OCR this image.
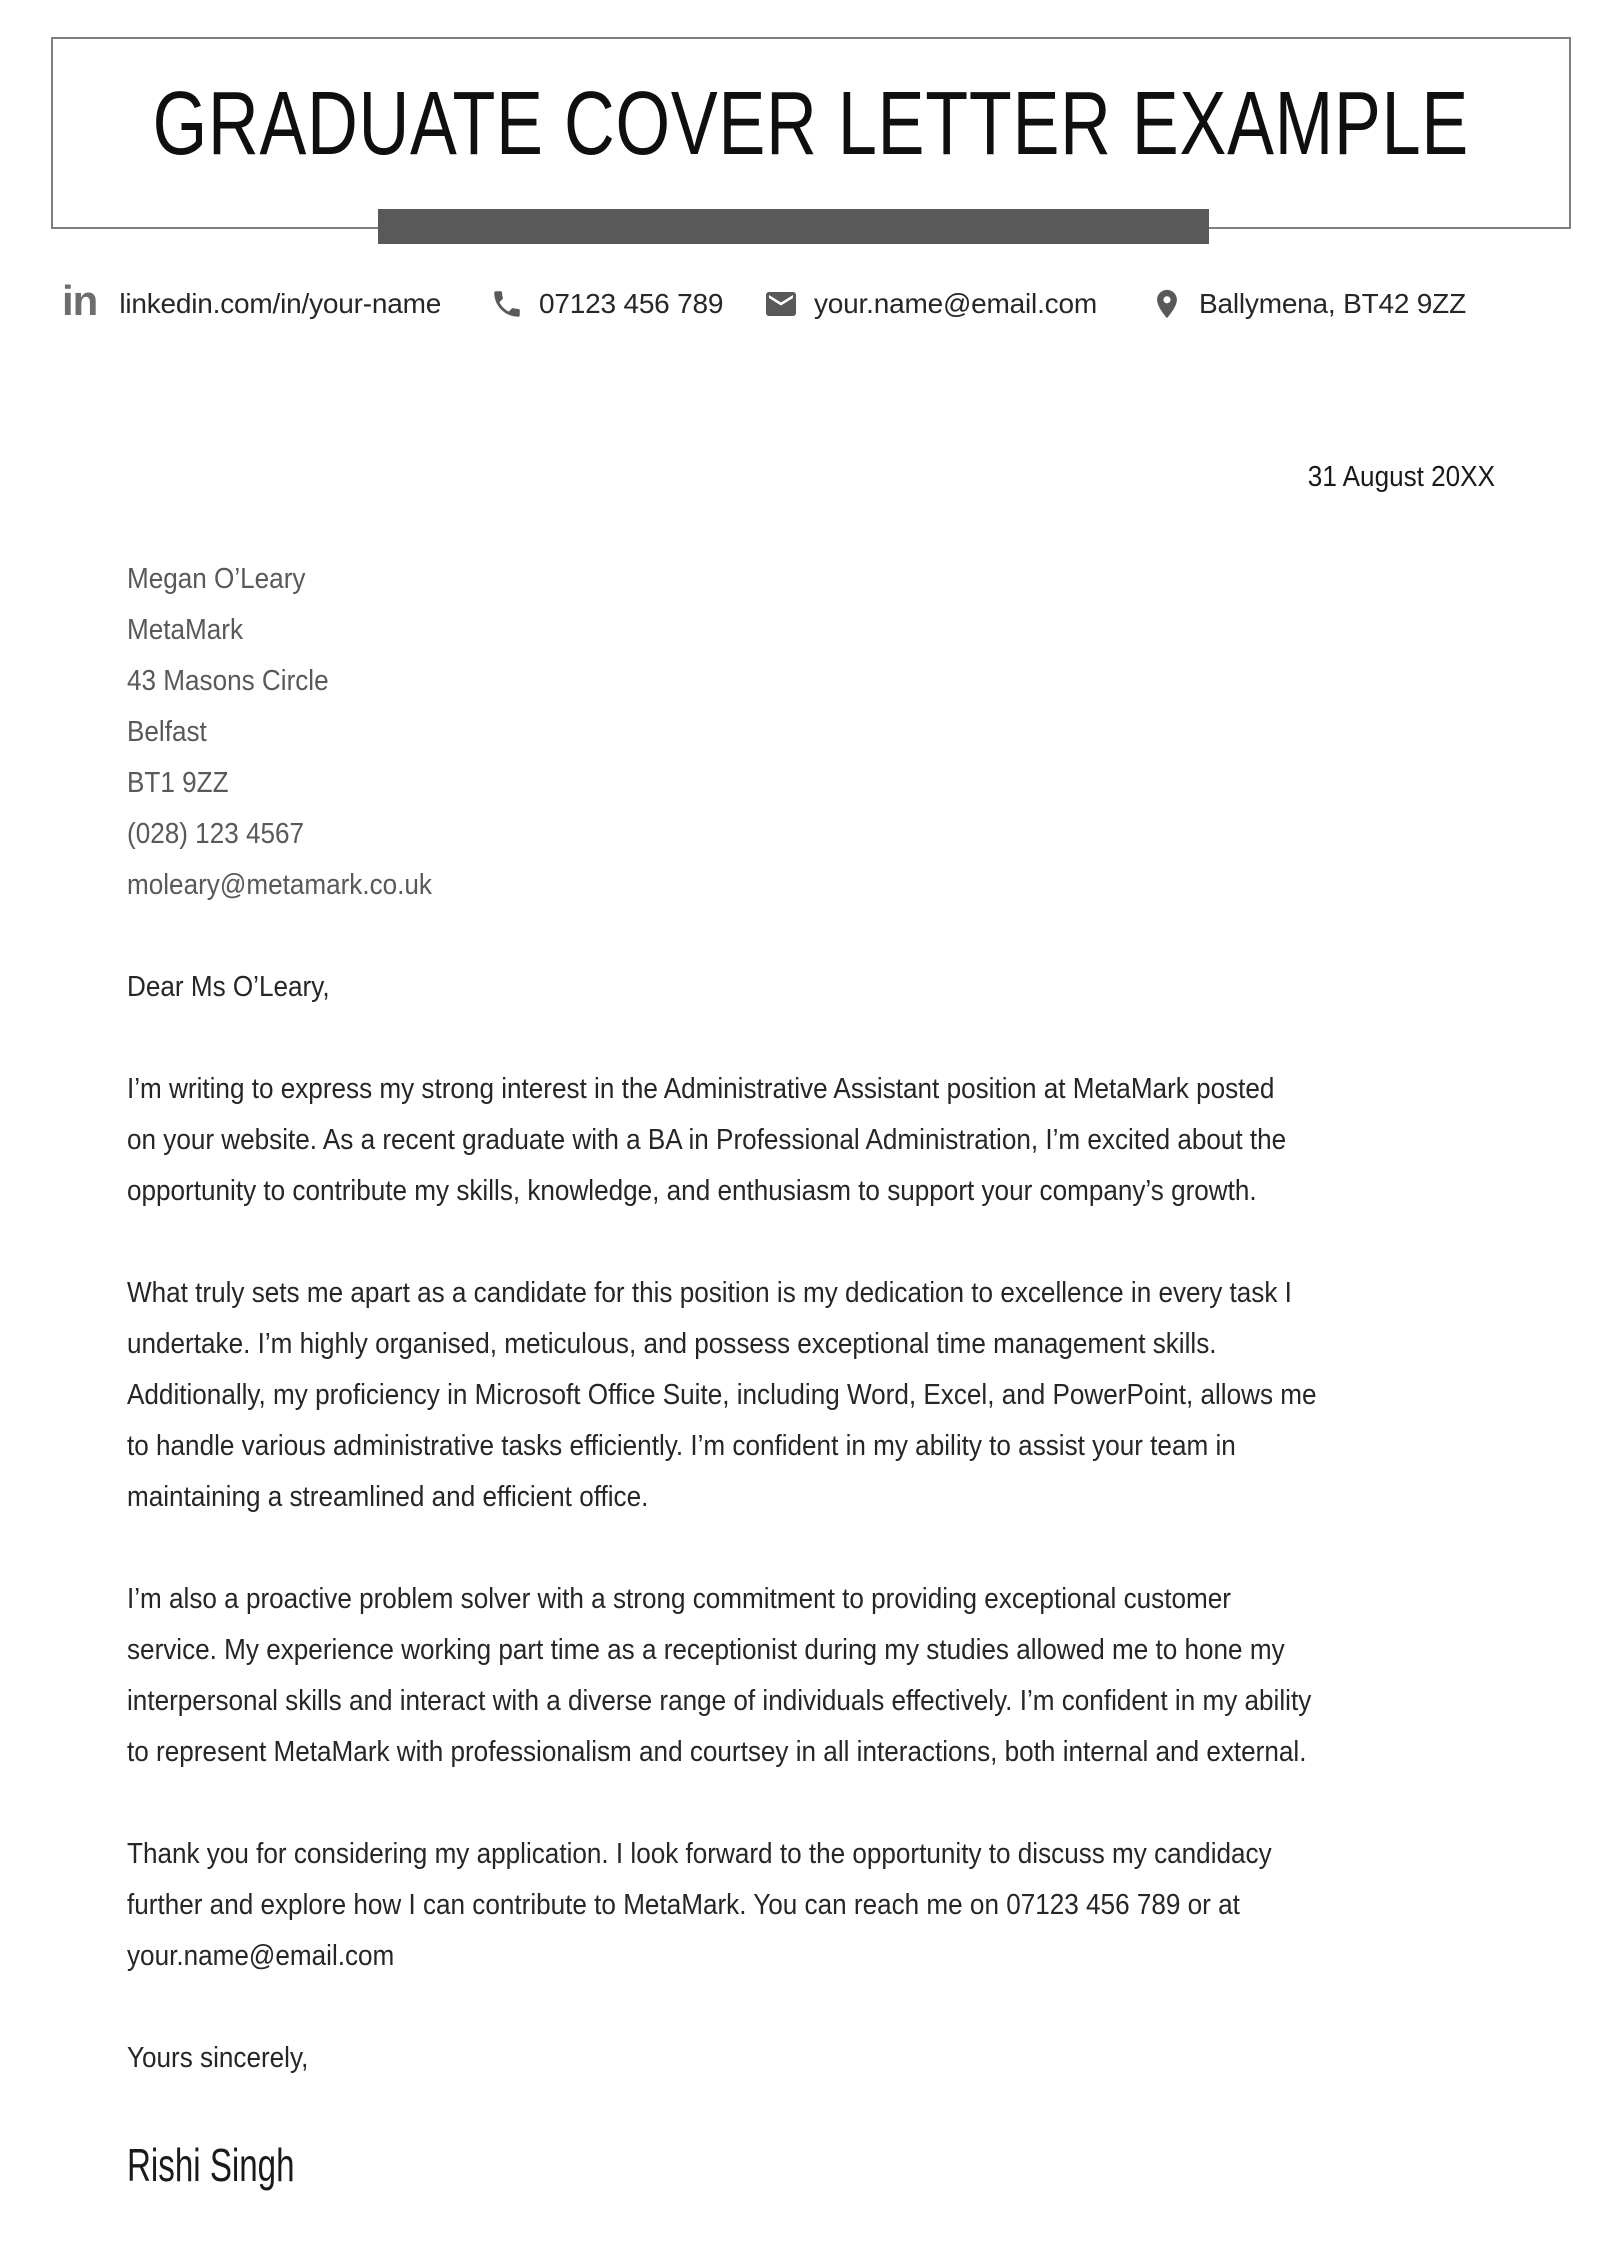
GRADUATE COVER LETTER EXAMPLE
in linkedin.com/in/your-name	07123 456 789	your.name@email.com	Ballymena, BT42 9ZZ
31 August 20XX
Megan O’Leary
MetaMark
43 Masons Circle
Belfast
BT1 9ZZ
(028) 123 4567
moleary@metamark.co.uk
Dear Ms O’Leary,
I’m writing to express my strong interest in the Administrative Assistant position at MetaMark posted
on your website. As a recent graduate with a BA in Professional Administration, I’m excited about the
opportunity to contribute my skills, knowledge, and enthusiasm to support your company’s growth.
What truly sets me apart as a candidate for this position is my dedication to excellence in every task I
undertake. I’m highly organised, meticulous, and possess exceptional time management skills.
Additionally, my proficiency in Microsoft Office Suite, including Word, Excel, and PowerPoint, allows me
to handle various administrative tasks efficiently. I’m confident in my ability to assist your team in
maintaining a streamlined and efficient office.
I’m also a proactive problem solver with a strong commitment to providing exceptional customer
service. My experience working part time as a receptionist during my studies allowed me to hone my
interpersonal skills and interact with a diverse range of individuals effectively. I’m confident in my ability
to represent MetaMark with professionalism and courtsey in all interactions, both internal and external.
Thank you for considering my application. I look forward to the opportunity to discuss my candidacy
further and explore how I can contribute to MetaMark. You can reach me on 07123 456 789 or at
your.name@email.com
Yours sincerely,
Rishi Singh
